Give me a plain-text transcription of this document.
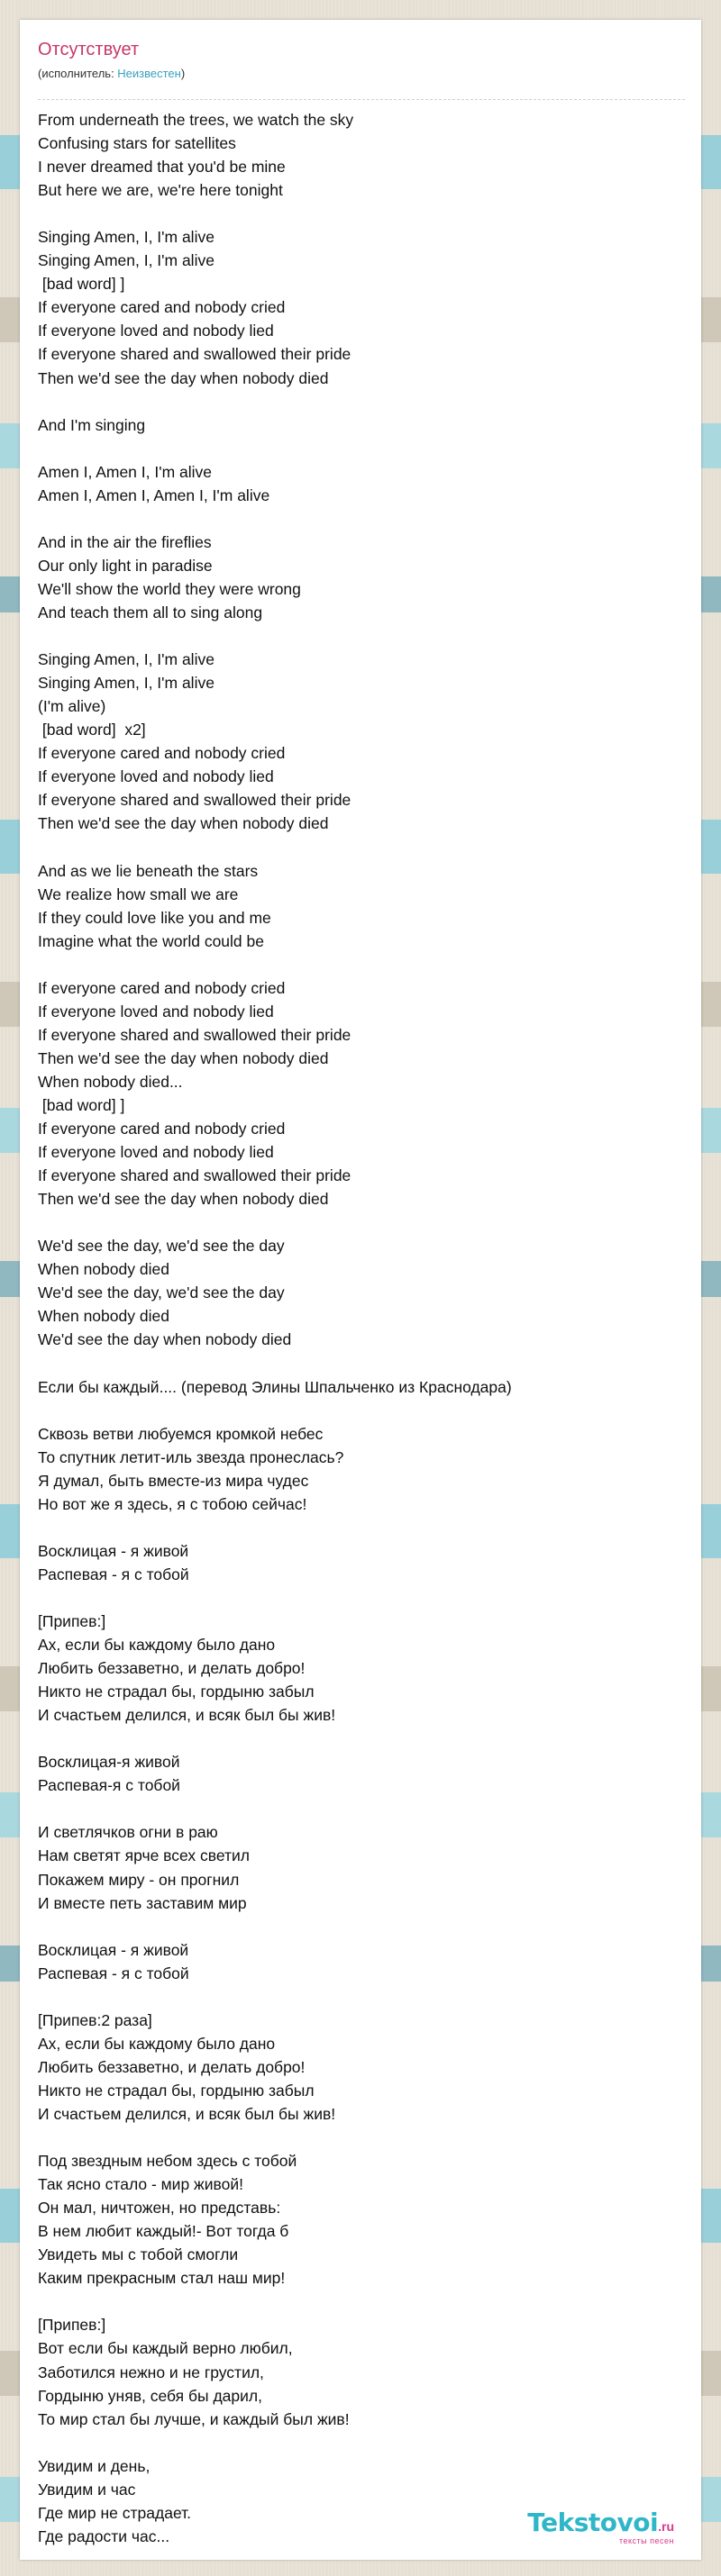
Отсутствует
(исполнитель: Неизвестен)
From underneath the trees, we watch the sky
Confusing stars for satellites
I never dreamed that you'd be mine
But here we are, we're here tonight

Singing Amen, I, I'm alive
Singing Amen, I, I'm alive
[bad word] ]
If everyone cared and nobody cried
If everyone loved and nobody lied
If everyone shared and swallowed their pride
Then we'd see the day when nobody died

And I'm singing

Amen I, Amen I, I'm alive
Amen I, Amen I, Amen I, I'm alive

And in the air the fireflies
Our only light in paradise
We'll show the world they were wrong
And teach them all to sing along

Singing Amen, I, I'm alive
Singing Amen, I, I'm alive
(I'm alive)
[bad word]  x2]
If everyone cared and nobody cried
If everyone loved and nobody lied
If everyone shared and swallowed their pride
Then we'd see the day when nobody died

And as we lie beneath the stars
We realize how small we are
If they could love like you and me
Imagine what the world could be

If everyone cared and nobody cried
If everyone loved and nobody lied
If everyone shared and swallowed their pride
Then we'd see the day when nobody died
When nobody died...
[bad word] ]
If everyone cared and nobody cried
If everyone loved and nobody lied
If everyone shared and swallowed their pride
Then we'd see the day when nobody died

We'd see the day, we'd see the day
When nobody died
We'd see the day, we'd see the day
When nobody died
We'd see the day when nobody died

Если бы каждый.... (перевод Элины Шпальченко из Краснодара)

Сквозь ветви любуемся кромкой небес
То спутник летит-иль звезда пронеслась?
Я думал, быть вместе-из мира чудес
Но вот же я здесь, я с тобою сейчас!

Восклицая - я живой
Распевая - я с тобой

[Припев:]
Ах, если бы каждому было дано
Любить беззаветно, и делать добро!
Никто не страдал бы, гордыню забыл
И счастьем делился, и всяк был бы жив!

Восклицая-я живой
Распевая-я с тобой

И светлячков огни в раю
Нам светят ярче всех светил
Покажем миру - он прогнил
И вместе петь заставим мир

Восклицая - я живой
Распевая - я с тобой

[Припев:2 раза]
Ах, если бы каждому было дано
Любить беззаветно, и делать добро!
Никто не страдал бы, гордыню забыл
И счастьем делился, и всяк был бы жив!

Под звездным небом здесь с тобой
Так ясно стало - мир живой!
Он мал, ничтожен, но представь:
В нем любит каждый!- Вот тогда б
Увидеть мы с тобой смогли
Каким прекрасным стал наш мир!

[Припев:]
Вот если бы каждый верно любил,
Заботился нежно и не грустил,
Гордыню уняв, себя бы дарил,
То мир стал бы лучше, и каждый был жив!

Увидим и день,
Увидим и час
Где мир не страдает.
Где радости час...	Tekstovoi.ru
тексты песен
